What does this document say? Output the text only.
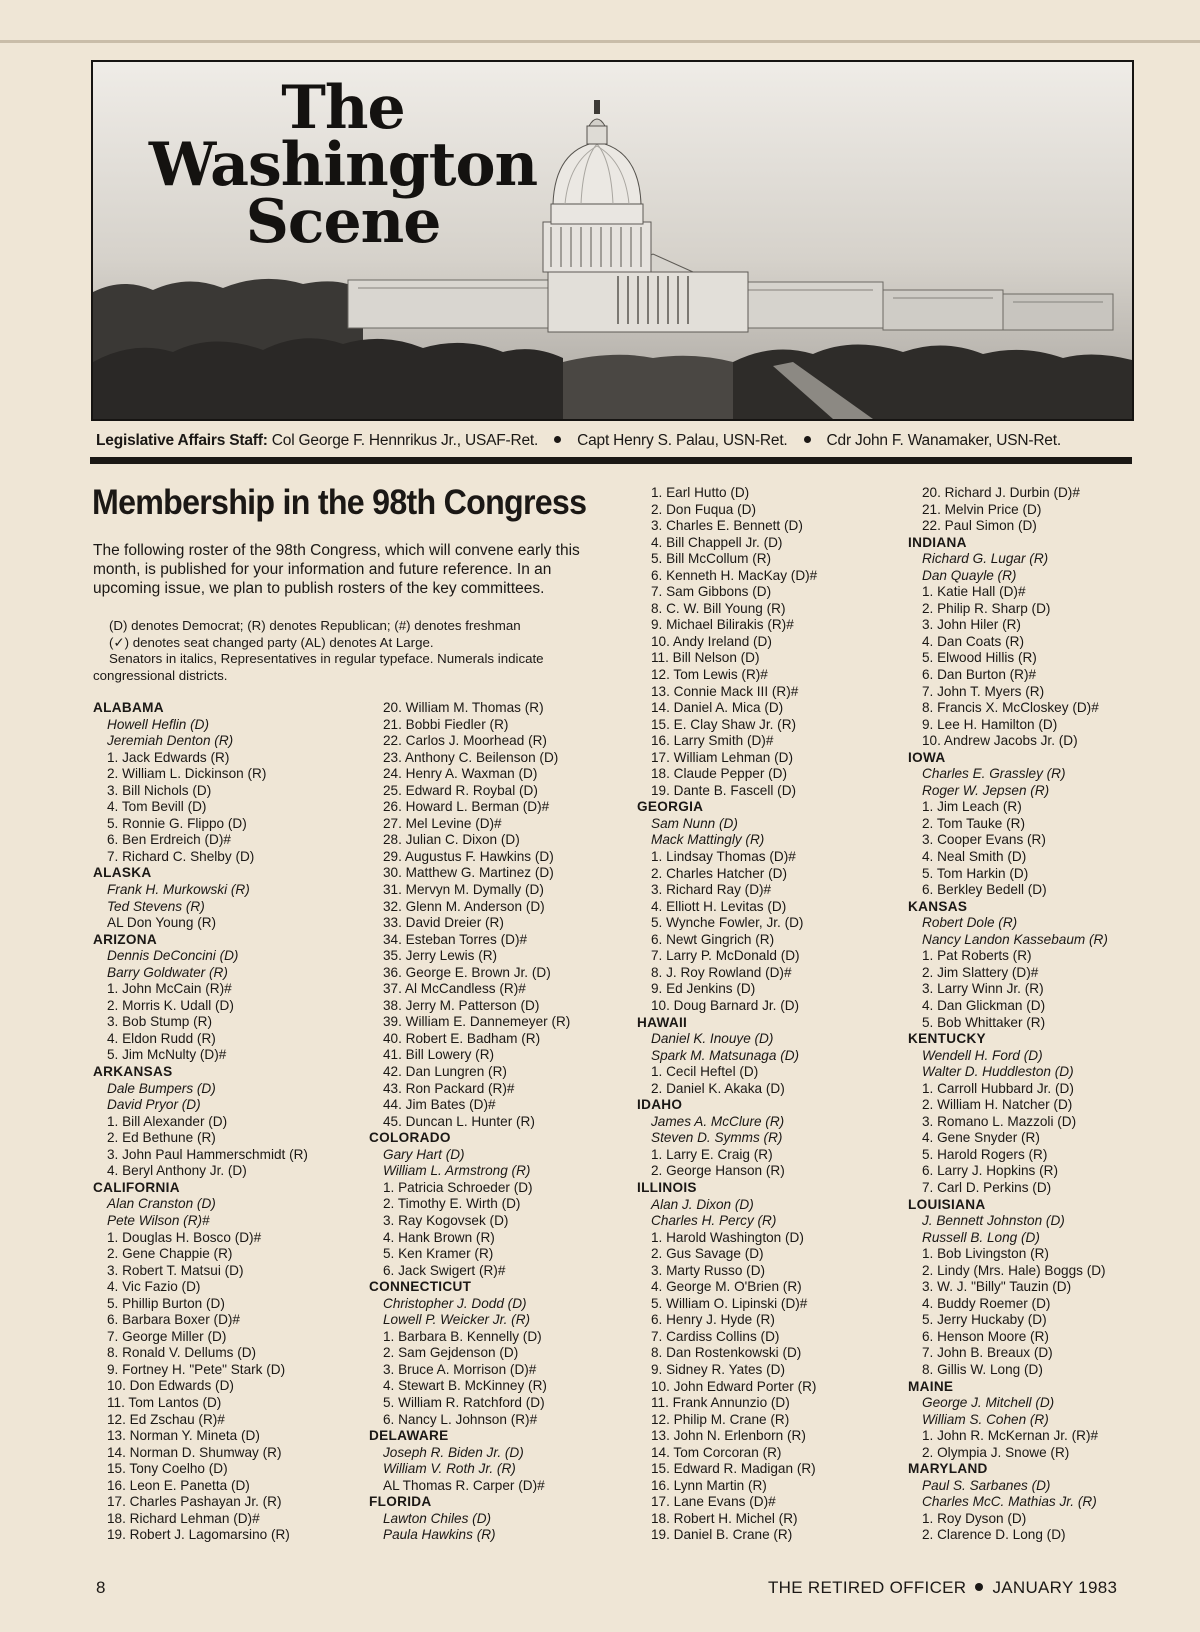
The
Washington
Scene
Legislative Affairs Staff: Col George F. Hennrikus Jr., USAF-Ret.	Capt Henry S. Palau, USN-Ret.	Cdr John F. Wanamaker, USN-Ret.
Membership in the 98th Congress
The following roster of the 98th Congress, which will convene early this month, is published for your information and future reference. In an upcoming issue, we plan to publish rosters of the key committees.
(D) denotes Democrat; (R) denotes Republican; (#) denotes freshman
(✓) denotes seat changed party (AL) denotes At Large.
Senators in italics, Representatives in regular typeface. Numerals indicate congressional districts.
ALABAMA
Howell Heflin (D)
Jeremiah Denton (R)
1. Jack Edwards (R)
2. William L. Dickinson (R)
3. Bill Nichols (D)
4. Tom Bevill (D)
5. Ronnie G. Flippo (D)
6. Ben Erdreich (D)#
7. Richard C. Shelby (D)
ALASKA
Frank H. Murkowski (R)
Ted Stevens (R)
AL Don Young (R)
ARIZONA
Dennis DeConcini (D)
Barry Goldwater (R)
1. John McCain (R)#
2. Morris K. Udall (D)
3. Bob Stump (R)
4. Eldon Rudd (R)
5. Jim McNulty (D)#
ARKANSAS
Dale Bumpers (D)
David Pryor (D)
1. Bill Alexander (D)
2. Ed Bethune (R)
3. John Paul Hammerschmidt (R)
4. Beryl Anthony Jr. (D)
CALIFORNIA
Alan Cranston (D)
Pete Wilson (R)#
1. Douglas H. Bosco (D)#
2. Gene Chappie (R)
3. Robert T. Matsui (D)
4. Vic Fazio (D)
5. Phillip Burton (D)
6. Barbara Boxer (D)#
7. George Miller (D)
8. Ronald V. Dellums (D)
9. Fortney H. "Pete" Stark (D)
10. Don Edwards (D)
11. Tom Lantos (D)
12. Ed Zschau (R)#
13. Norman Y. Mineta (D)
14. Norman D. Shumway (R)
15. Tony Coelho (D)
16. Leon E. Panetta (D)
17. Charles Pashayan Jr. (R)
18. Richard Lehman (D)#
19. Robert J. Lagomarsino (R)
20. William M. Thomas (R)
21. Bobbi Fiedler (R)
22. Carlos J. Moorhead (R)
23. Anthony C. Beilenson (D)
24. Henry A. Waxman (D)
25. Edward R. Roybal (D)
26. Howard L. Berman (D)#
27. Mel Levine (D)#
28. Julian C. Dixon (D)
29. Augustus F. Hawkins (D)
30. Matthew G. Martinez (D)
31. Mervyn M. Dymally (D)
32. Glenn M. Anderson (D)
33. David Dreier (R)
34. Esteban Torres (D)#
35. Jerry Lewis (R)
36. George E. Brown Jr. (D)
37. Al McCandless (R)#
38. Jerry M. Patterson (D)
39. William E. Dannemeyer (R)
40. Robert E. Badham (R)
41. Bill Lowery (R)
42. Dan Lungren (R)
43. Ron Packard (R)#
44. Jim Bates (D)#
45. Duncan L. Hunter (R)
COLORADO
Gary Hart (D)
William L. Armstrong (R)
1. Patricia Schroeder (D)
2. Timothy E. Wirth (D)
3. Ray Kogovsek (D)
4. Hank Brown (R)
5. Ken Kramer (R)
6. Jack Swigert (R)#
CONNECTICUT
Christopher J. Dodd (D)
Lowell P. Weicker Jr. (R)
1. Barbara B. Kennelly (D)
2. Sam Gejdenson (D)
3. Bruce A. Morrison (D)#
4. Stewart B. McKinney (R)
5. William R. Ratchford (D)
6. Nancy L. Johnson (R)#
DELAWARE
Joseph R. Biden Jr. (D)
William V. Roth Jr. (R)
AL Thomas R. Carper (D)#
FLORIDA
Lawton Chiles (D)
Paula Hawkins (R)
1. Earl Hutto (D)
2. Don Fuqua (D)
3. Charles E. Bennett (D)
4. Bill Chappell Jr. (D)
5. Bill McCollum (R)
6. Kenneth H. MacKay (D)#
7. Sam Gibbons (D)
8. C. W. Bill Young (R)
9. Michael Bilirakis (R)#
10. Andy Ireland (D)
11. Bill Nelson (D)
12. Tom Lewis (R)#
13. Connie Mack III (R)#
14. Daniel A. Mica (D)
15. E. Clay Shaw Jr. (R)
16. Larry Smith (D)#
17. William Lehman (D)
18. Claude Pepper (D)
19. Dante B. Fascell (D)
GEORGIA
Sam Nunn (D)
Mack Mattingly (R)
1. Lindsay Thomas (D)#
2. Charles Hatcher (D)
3. Richard Ray (D)#
4. Elliott H. Levitas (D)
5. Wynche Fowler, Jr. (D)
6. Newt Gingrich (R)
7. Larry P. McDonald (D)
8. J. Roy Rowland (D)#
9. Ed Jenkins (D)
10. Doug Barnard Jr. (D)
HAWAII
Daniel K. Inouye (D)
Spark M. Matsunaga (D)
1. Cecil Heftel (D)
2. Daniel K. Akaka (D)
IDAHO
James A. McClure (R)
Steven D. Symms (R)
1. Larry E. Craig (R)
2. George Hanson (R)
ILLINOIS
Alan J. Dixon (D)
Charles H. Percy (R)
1. Harold Washington (D)
2. Gus Savage (D)
3. Marty Russo (D)
4. George M. O'Brien (R)
5. William O. Lipinski (D)#
6. Henry J. Hyde (R)
7. Cardiss Collins (D)
8. Dan Rostenkowski (D)
9. Sidney R. Yates (D)
10. John Edward Porter (R)
11. Frank Annunzio (D)
12. Philip M. Crane (R)
13. John N. Erlenborn (R)
14. Tom Corcoran (R)
15. Edward R. Madigan (R)
16. Lynn Martin (R)
17. Lane Evans (D)#
18. Robert H. Michel (R)
19. Daniel B. Crane (R)
20. Richard J. Durbin (D)#
21. Melvin Price (D)
22. Paul Simon (D)
INDIANA
Richard G. Lugar (R)
Dan Quayle (R)
1. Katie Hall (D)#
2. Philip R. Sharp (D)
3. John Hiler (R)
4. Dan Coats (R)
5. Elwood Hillis (R)
6. Dan Burton (R)#
7. John T. Myers (R)
8. Francis X. McCloskey (D)#
9. Lee H. Hamilton (D)
10. Andrew Jacobs Jr. (D)
IOWA
Charles E. Grassley (R)
Roger W. Jepsen (R)
1. Jim Leach (R)
2. Tom Tauke (R)
3. Cooper Evans (R)
4. Neal Smith (D)
5. Tom Harkin (D)
6. Berkley Bedell (D)
KANSAS
Robert Dole (R)
Nancy Landon Kassebaum (R)
1. Pat Roberts (R)
2. Jim Slattery (D)#
3. Larry Winn Jr. (R)
4. Dan Glickman (D)
5. Bob Whittaker (R)
KENTUCKY
Wendell H. Ford (D)
Walter D. Huddleston (D)
1. Carroll Hubbard Jr. (D)
2. William H. Natcher (D)
3. Romano L. Mazzoli (D)
4. Gene Snyder (R)
5. Harold Rogers (R)
6. Larry J. Hopkins (R)
7. Carl D. Perkins (D)
LOUISIANA
J. Bennett Johnston (D)
Russell B. Long (D)
1. Bob Livingston (R)
2. Lindy (Mrs. Hale) Boggs (D)
3. W. J. "Billy" Tauzin (D)
4. Buddy Roemer (D)
5. Jerry Huckaby (D)
6. Henson Moore (R)
7. John B. Breaux (D)
8. Gillis W. Long (D)
MAINE
George J. Mitchell (D)
William S. Cohen (R)
1. John R. McKernan Jr. (R)#
2. Olympia J. Snowe (R)
MARYLAND
Paul S. Sarbanes (D)
Charles McC. Mathias Jr. (R)
1. Roy Dyson (D)
2. Clarence D. Long (D)
8	THE RETIRED OFFICER JANUARY 1983
